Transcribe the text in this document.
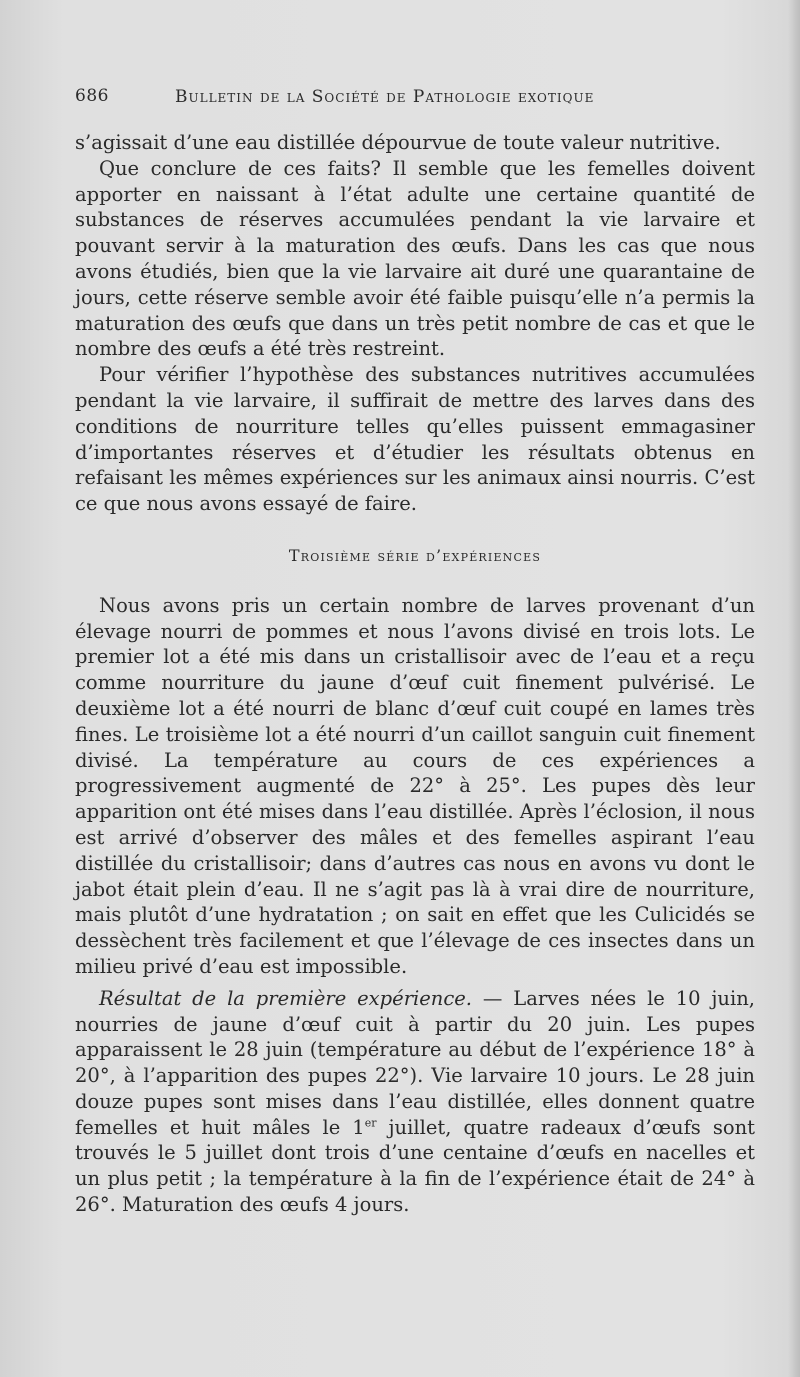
686	Bulletin de la Société de Pathologie exotique

s’agissait d’une eau distillée dépourvue de toute valeur nutritive.

Que conclure de ces faits? Il semble que les femelles doivent apporter en naissant à l’état adulte une certaine quantité de substances de réserves accumulées pendant la vie larvaire et pouvant servir à la maturation des œufs. Dans les cas que nous avons étudiés, bien que la vie larvaire ait duré une quarantaine de jours, cette réserve semble avoir été faible puisqu’elle n’a permis la maturation des œufs que dans un très petit nombre de cas et que le nombre des œufs a été très restreint.

Pour vérifier l’hypothèse des substances nutritives accumulées pendant la vie larvaire, il suffirait de mettre des larves dans des conditions de nourriture telles qu’elles puissent emmagasiner d’importantes réserves et d’étudier les résultats obtenus en refaisant les mêmes expériences sur les animaux ainsi nourris. C’est ce que nous avons essayé de faire.

Troisième série d’expériences

Nous avons pris un certain nombre de larves provenant d’un élevage nourri de pommes et nous l’avons divisé en trois lots. Le premier lot a été mis dans un cristallisoir avec de l’eau et a reçu comme nourriture du jaune d’œuf cuit finement pulvérisé. Le deuxième lot a été nourri de blanc d’œuf cuit coupé en lames très fines. Le troisième lot a été nourri d’un caillot sanguin cuit finement divisé. La température au cours de ces expériences a progressivement augmenté de 22° à 25°. Les pupes dès leur apparition ont été mises dans l’eau distillée. Après l’éclosion, il nous est arrivé d’observer des mâles et des femelles aspirant l’eau distillée du cristallisoir; dans d’autres cas nous en avons vu dont le jabot était plein d’eau. Il ne s’agit pas là à vrai dire de nourriture, mais plutôt d’une hydratation ; on sait en effet que les Culicidés se dessèchent très facilement et que l’élevage de ces insectes dans un milieu privé d’eau est impossible.

Résultat de la première expérience. — Larves nées le 10 juin, nourries de jaune d’œuf cuit à partir du 20 juin. Les pupes apparaissent le 28 juin (température au début de l’expérience 18° à 20°, à l’apparition des pupes 22°). Vie larvaire 10 jours. Le 28 juin douze pupes sont mises dans l’eau distillée, elles donnent quatre femelles et huit mâles le 1er juillet, quatre radeaux d’œufs sont trouvés le 5 juillet dont trois d’une centaine d’œufs en nacelles et un plus petit ; la température à la fin de l’expérience était de 24° à 26°. Maturation des œufs 4 jours.
